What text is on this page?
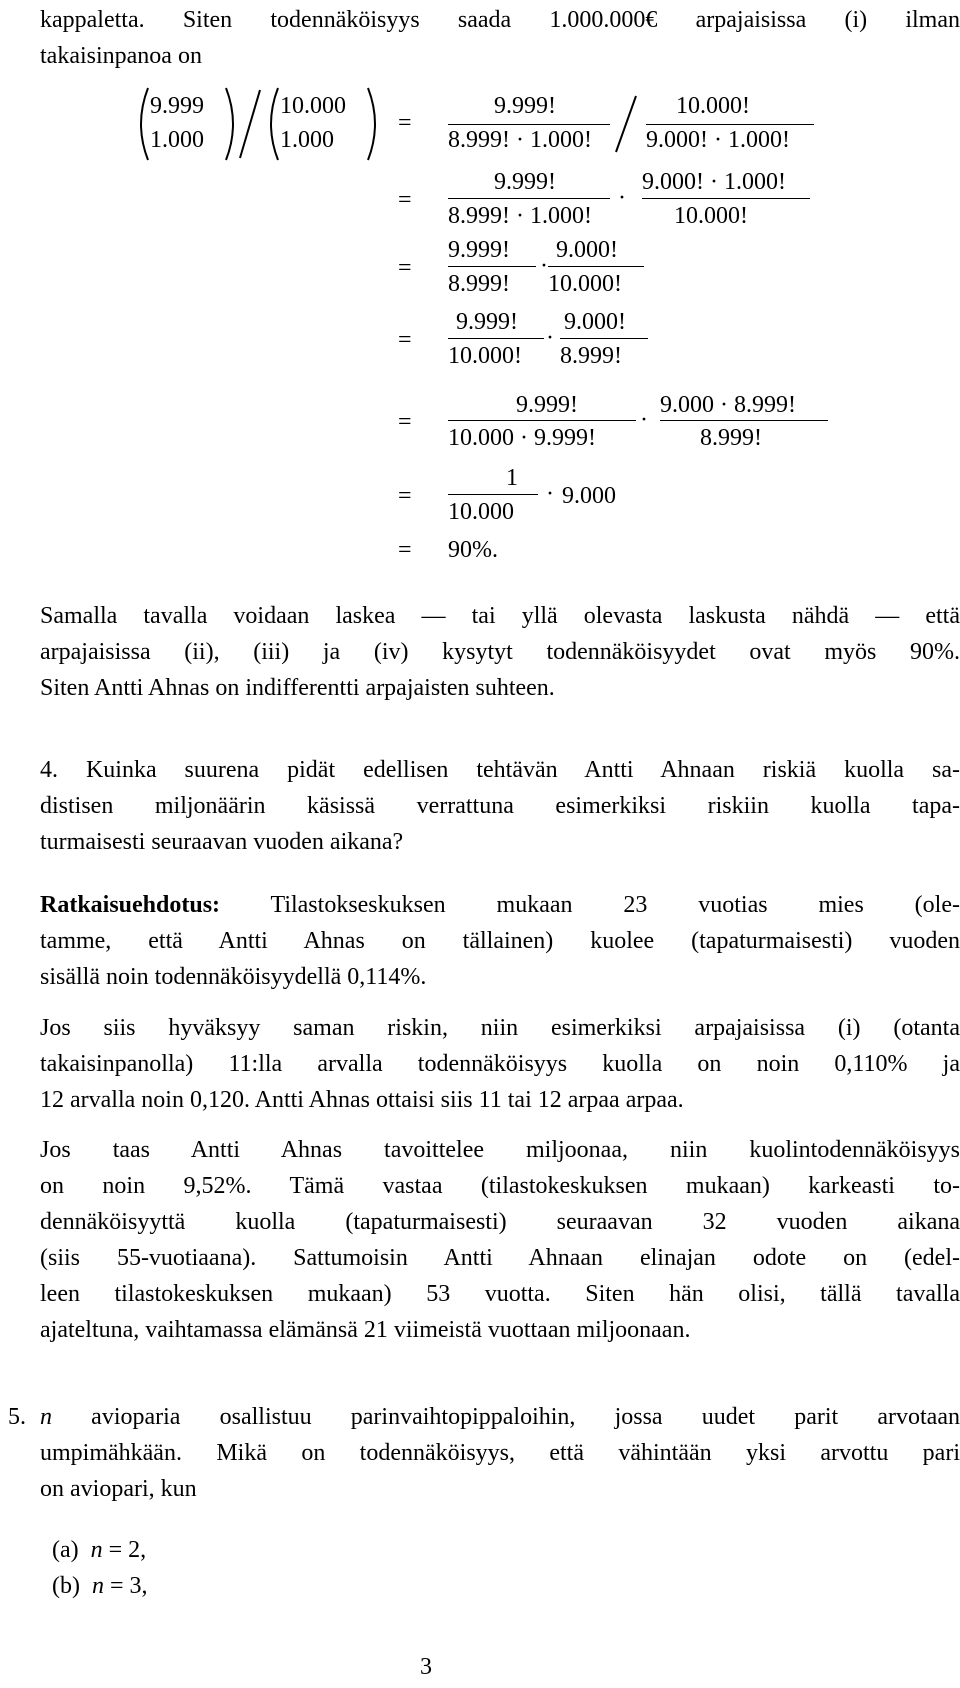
kappaletta. Siten todennäköisyys saada 1.000.000€ arpajaisissa (i) ilman
takaisinpanoa on
9.999
1.000
10.000
1.000
=
9.999!
8.999! · 1.000!
10.000!
9.000! · 1.000!
=
9.999!
8.999! · 1.000!
·
9.000! · 1.000!
10.000!
=
9.999!
8.999!
·
9.000!
10.000!
=
9.999!
10.000!
·
9.000!
8.999!
=
9.999!
10.000 · 9.999!
·
9.000 · 8.999!
8.999!
=
1
10.000
· 9.000
= 90%.
Samalla tavalla voidaan laskea — tai yllä olevasta laskusta nähdä — että
arpajaisissa (ii), (iii) ja (iv) kysytyt todennäköisyydet ovat myös 90%.
Siten Antti Ahnas on indifferentti arpajaisten suhteen.
4. Kuinka suurena pidät edellisen tehtävän Antti Ahnaan riskiä kuolla sa-
distisen miljonäärin käsissä verrattuna esimerkiksi riskiin kuolla tapa-
turmaisesti seuraavan vuoden aikana?
Ratkaisuehdotus: Tilastokseskuksen mukaan 23 vuotias mies (ole-
tamme, että Antti Ahnas on tällainen) kuolee (tapaturmaisesti) vuoden
sisällä noin todennäköisyydellä 0,114%.
Jos siis hyväksyy saman riskin, niin esimerkiksi arpajaisissa (i) (otanta
takaisinpanolla) 11:lla arvalla todennäköisyys kuolla on noin 0,110% ja
12 arvalla noin 0,120. Antti Ahnas ottaisi siis 11 tai 12 arpaa arpaa.
Jos taas Antti Ahnas tavoittelee miljoonaa, niin kuolintodennäköisyys
on noin 9,52%. Tämä vastaa (tilastokeskuksen mukaan) karkeasti to-
dennäköisyyttä kuolla (tapaturmaisesti) seuraavan 32 vuoden aikana
(siis 55-vuotiaana). Sattumoisin Antti Ahnaan elinajan odote on (edel-
leen tilastokeskuksen mukaan) 53 vuotta. Siten hän olisi, tällä tavalla
ajateltuna, vaihtamassa elämänsä 21 viimeistä vuottaan miljoonaan.
5. n avioparia osallistuu parinvaihtopippaloihin, jossa uudet parit arvotaan
umpimähkään. Mikä on todennäköisyys, että vähintään yksi arvottu pari
on aviopari, kun
(a) n = 2,
(b) n = 3,
3
